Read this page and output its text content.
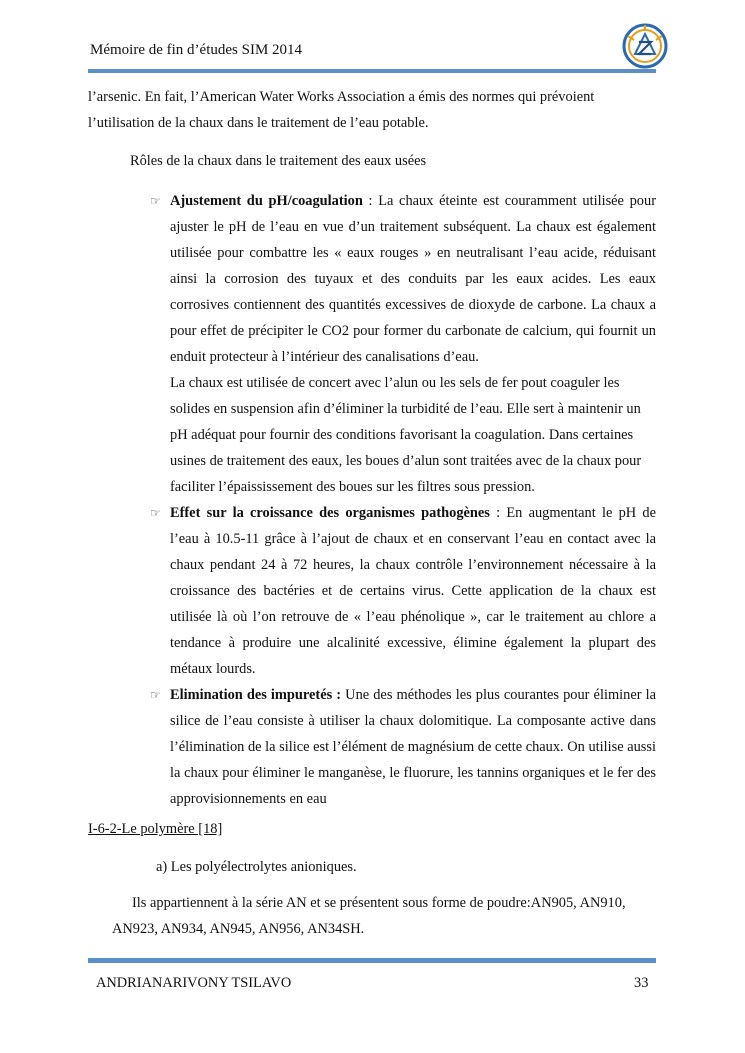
Mémoire de fin d’études SIM 2014
l’arsenic. En fait, l’American Water Works Association a émis des normes qui prévoient
l’utilisation de la chaux dans le traitement de l’eau potable.
Rôles de la chaux dans le traitement des eaux usées
☞ Ajustement du pH/coagulation : La chaux éteinte est couramment utilisée pour ajuster le pH de l’eau en vue d’un traitement subséquent. La chaux est également utilisée pour combattre les « eaux rouges » en neutralisant l’eau acide, réduisant ainsi la corrosion des tuyaux et des conduits par les eaux acides. Les eaux corrosives contiennent des quantités excessives de dioxyde de carbone. La chaux a pour effet de précipiter le CO2 pour former du carbonate de calcium, qui fournit un enduit protecteur à l’intérieur des canalisations d’eau.
La chaux est utilisée de concert avec l’alun ou les sels de fer pout coaguler les solides en suspension afin d’éliminer la turbidité de l’eau. Elle sert à maintenir un pH adéquat pour fournir des conditions favorisant la coagulation. Dans certaines usines de traitement des eaux, les boues d’alun sont traitées avec de la chaux pour faciliter l’épaississement des boues sur les filtres sous pression.
☞ Effet sur la croissance des organismes pathogènes : En augmentant le pH de l’eau à 10.5-11 grâce à l’ajout de chaux et en conservant l’eau en contact avec la chaux pendant 24 à 72 heures, la chaux contrôle l’environnement nécessaire à la croissance des bactéries et de certains virus. Cette application de la chaux est utilisée là où l’on retrouve de « l’eau phénolique », car le traitement au chlore a tendance à produire une alcalinité excessive, élimine également la plupart des métaux lourds.
☞ Elimination des impuretés : Une des méthodes les plus courantes pour éliminer la silice de l’eau consiste à utiliser la chaux dolomitique. La composante active dans l’élimination de la silice est l’élément de magnésium de cette chaux. On utilise aussi la chaux pour éliminer le manganèse, le fluorure, les tannins organiques et le fer des approvisionnements en eau
I-6-2-Le polymère [18]
a) Les polyélectrolytes anioniques.
Ils appartiennent à la série AN et se présentent sous forme de poudre:AN905, AN910,
AN923, AN934, AN945, AN956, AN34SH.
ANDRIANARIVONY TSILAVO	33
